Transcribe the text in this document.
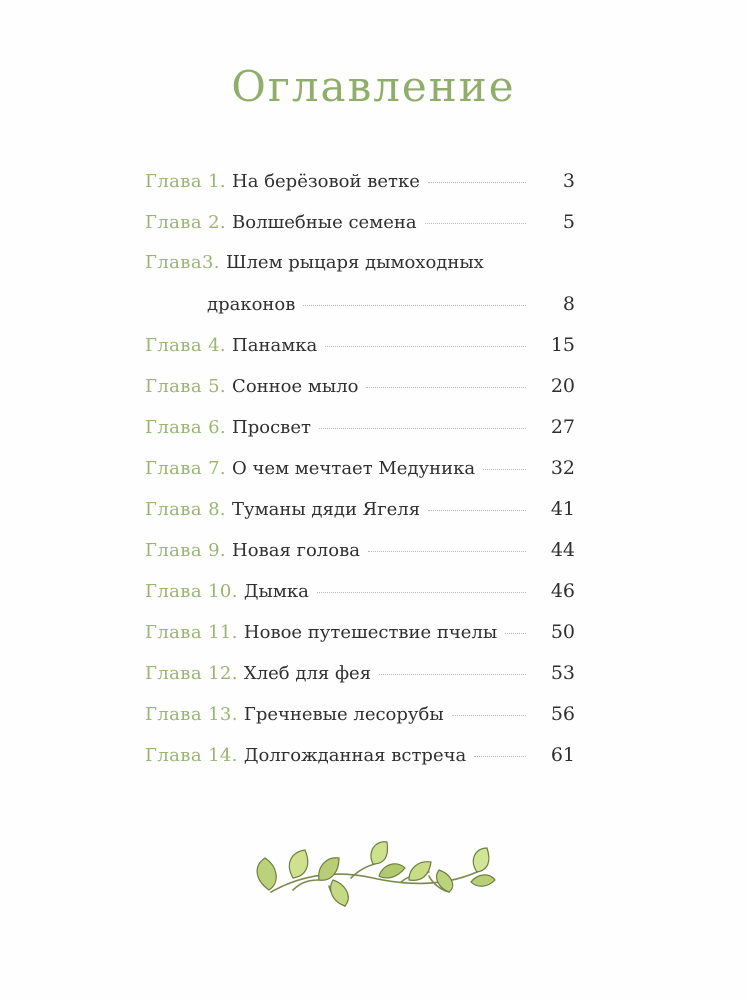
Оглавление
Глава 1. На берёзовой ветке	3
Глава 2. Волшебные семена	5
Глава3. Шлем рыцаря дымоходных
драконов	8
Глава 4. Панамка	15
Глава 5. Сонное мыло	20
Глава 6. Просвет	27
Глава 7. О чем мечтает Медуника	32
Глава 8. Туманы дяди Ягеля	41
Глава 9. Новая голова	44
Глава 10. Дымка	46
Глава 11. Новое путешествие пчелы	50
Глава 12. Хлеб для фея	53
Глава 13. Гречневые лесорубы	56
Глава 14. Долгожданная встреча	61
